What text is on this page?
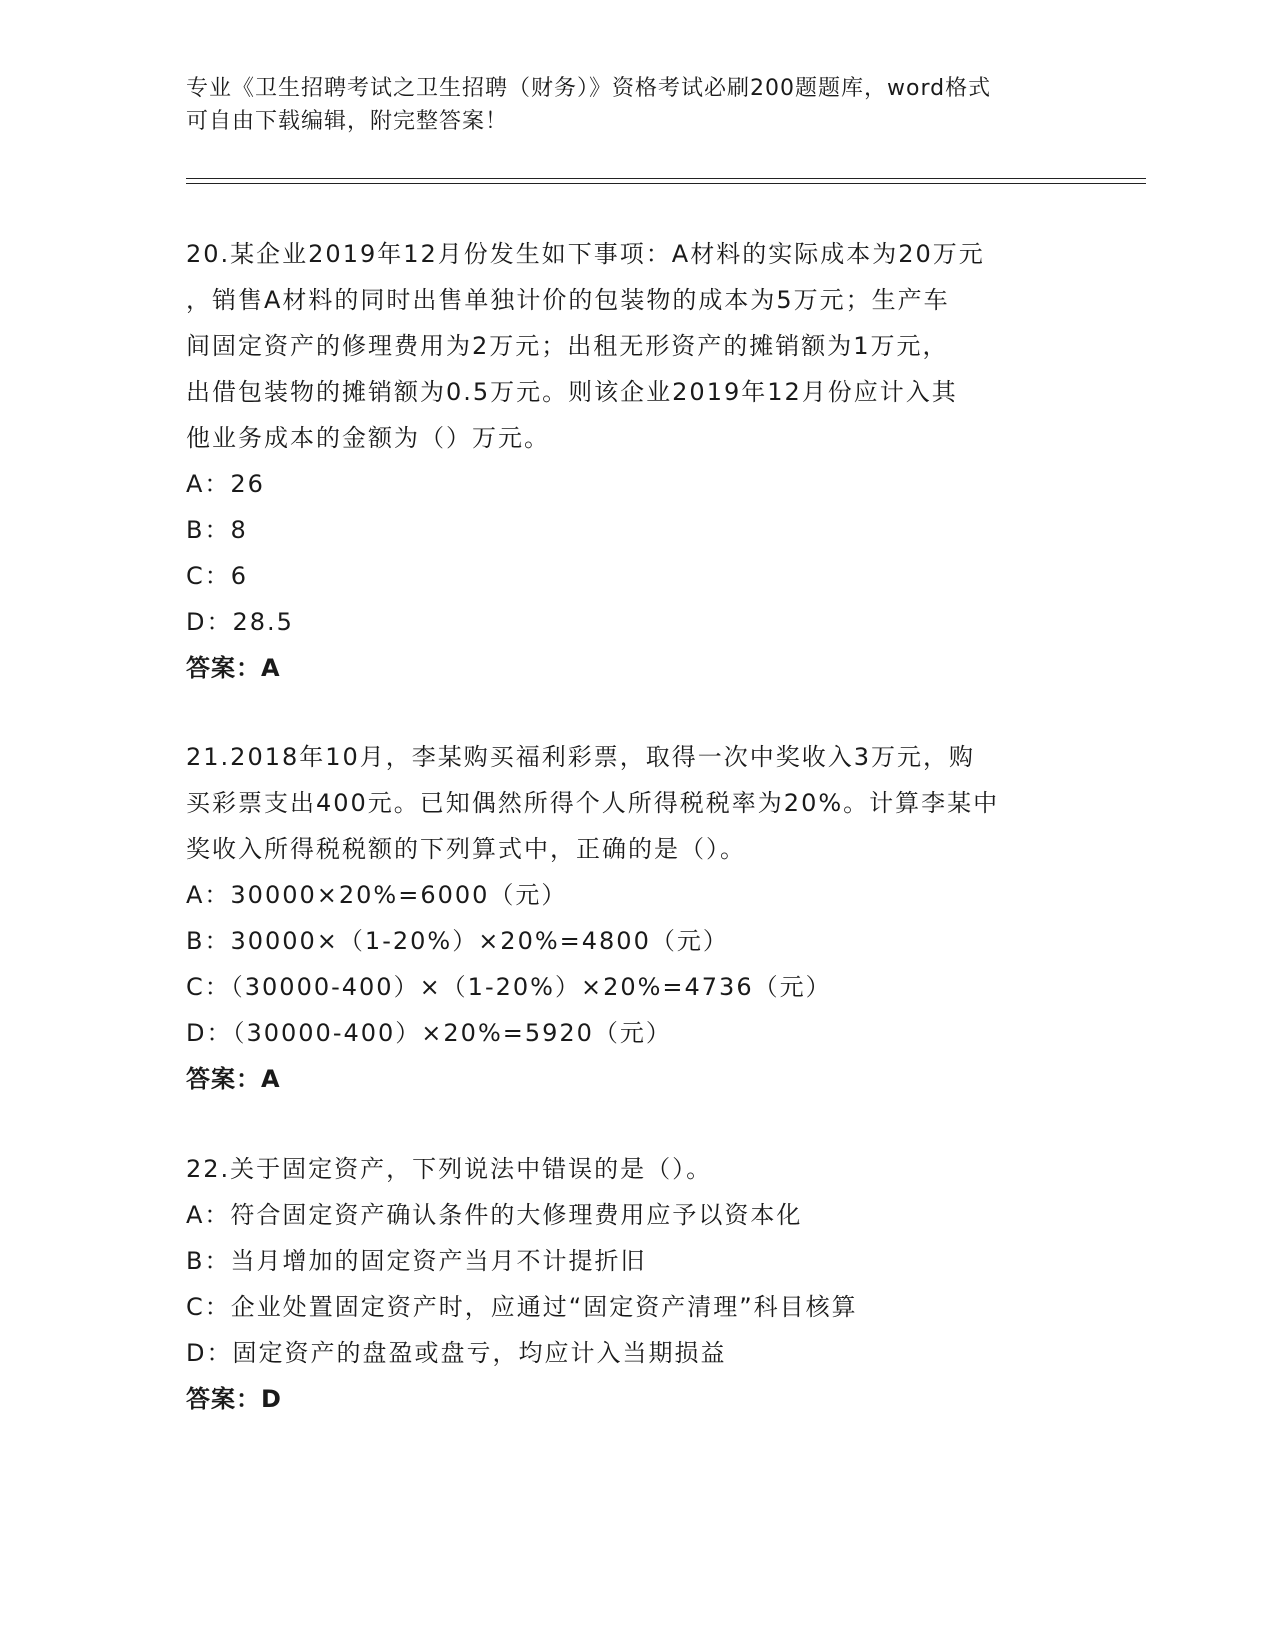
专业《卫生招聘考试之卫生招聘（财务）》资格考试必刷200题题库，word格式
可自由下载编辑，附完整答案！
20.某企业2019年12月份发生如下事项：A材料的实际成本为20万元
，销售A材料的同时出售单独计价的包装物的成本为5万元；生产车
间固定资产的修理费用为2万元；出租无形资产的摊销额为1万元，
出借包装物的摊销额为0.5万元。则该企业2019年12月份应计入其
他业务成本的金额为（）万元。
A：26
B：8
C：6
D：28.5
答案：A
21.2018年10月，李某购买福利彩票，取得一次中奖收入3万元，购
买彩票支出400元。已知偶然所得个人所得税税率为20%。计算李某中
奖收入所得税税额的下列算式中，正确的是（）。
A：30000×20%=6000（元）
B：30000×（1-20%）×20%=4800（元）
C：（30000-400）×（1-20%）×20%=4736（元）
D：（30000-400）×20%=5920（元）
答案：A
22.关于固定资产，下列说法中错误的是（）。
A：符合固定资产确认条件的大修理费用应予以资本化
B：当月增加的固定资产当月不计提折旧
C：企业处置固定资产时，应通过“固定资产清理”科目核算
D：固定资产的盘盈或盘亏，均应计入当期损益
答案：D
